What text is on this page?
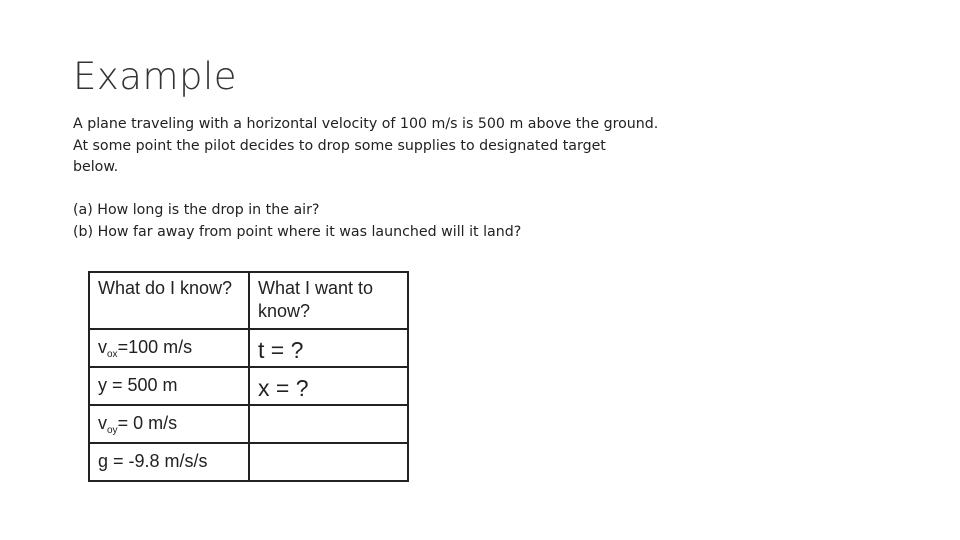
Example

A plane traveling with a horizontal velocity of 100 m/s is 500 m above the ground.
At some point the pilot decides to drop some supplies to designated target
below.

(a) How long is the drop in the air?
(b) How far away from point where it was launched will it land?

What do I know?	What I want to know?
$v_{ox}=100$ m/s	t = ?
y = 500 m	x = ?
$v_{oy}= 0$ m/s	
g = -9.8 m/s/s	
